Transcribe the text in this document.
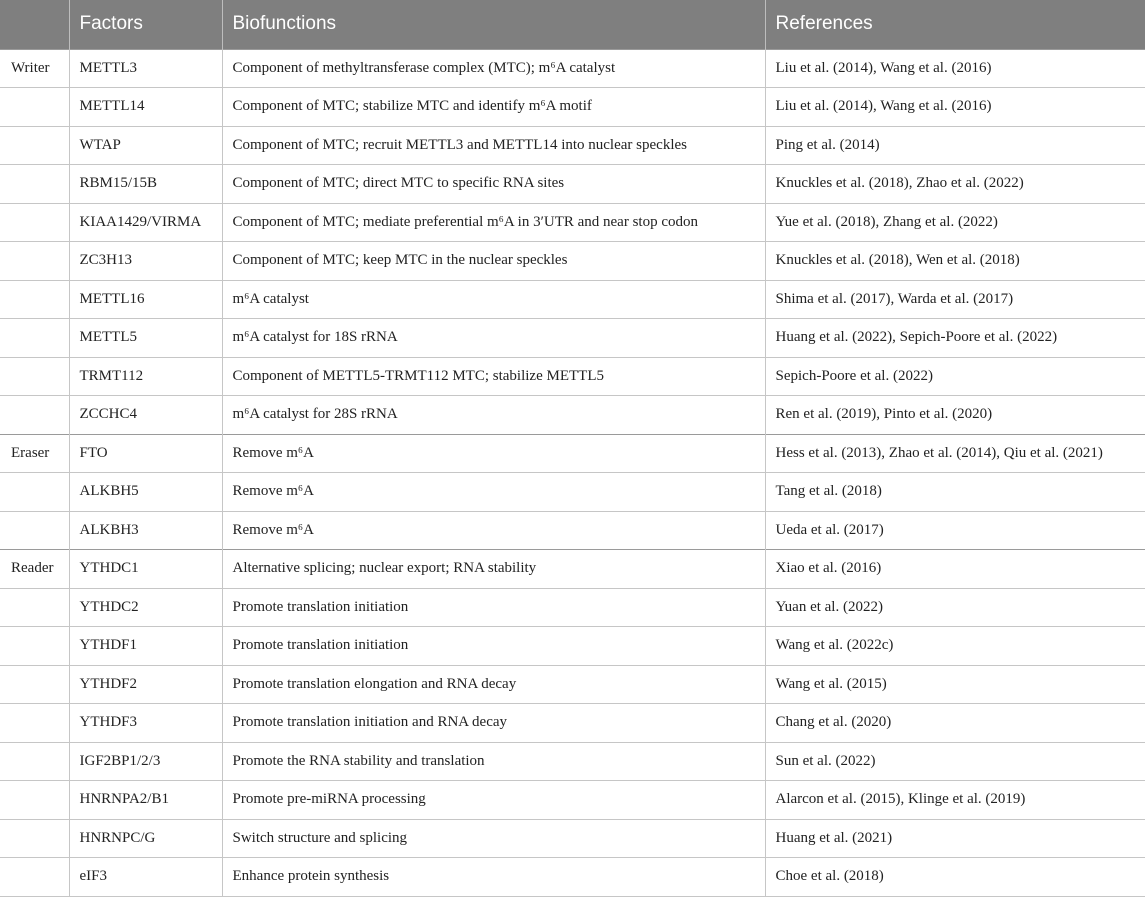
	Factors	Biofunctions	References
Writer	METTL3	Component of methyltransferase complex (MTC); m⁶A catalyst	Liu et al. (2014), Wang et al. (2016)
	METTL14	Component of MTC; stabilize MTC and identify m⁶A motif	Liu et al. (2014), Wang et al. (2016)
	WTAP	Component of MTC; recruit METTL3 and METTL14 into nuclear speckles	Ping et al. (2014)
	RBM15/15B	Component of MTC; direct MTC to specific RNA sites	Knuckles et al. (2018), Zhao et al. (2022)
	KIAA1429/VIRMA	Component of MTC; mediate preferential m⁶A in 3′UTR and near stop codon	Yue et al. (2018), Zhang et al. (2022)
	ZC3H13	Component of MTC; keep MTC in the nuclear speckles	Knuckles et al. (2018), Wen et al. (2018)
	METTL16	m⁶A catalyst	Shima et al. (2017), Warda et al. (2017)
	METTL5	m⁶A catalyst for 18S rRNA	Huang et al. (2022), Sepich-Poore et al. (2022)
	TRMT112	Component of METTL5-TRMT112 MTC; stabilize METTL5	Sepich-Poore et al. (2022)
	ZCCHC4	m⁶A catalyst for 28S rRNA	Ren et al. (2019), Pinto et al. (2020)
Eraser	FTO	Remove m⁶A	Hess et al. (2013), Zhao et al. (2014), Qiu et al. (2021)
	ALKBH5	Remove m⁶A	Tang et al. (2018)
	ALKBH3	Remove m⁶A	Ueda et al. (2017)
Reader	YTHDC1	Alternative splicing; nuclear export; RNA stability	Xiao et al. (2016)
	YTHDC2	Promote translation initiation	Yuan et al. (2022)
	YTHDF1	Promote translation initiation	Wang et al. (2022c)
	YTHDF2	Promote translation elongation and RNA decay	Wang et al. (2015)
	YTHDF3	Promote translation initiation and RNA decay	Chang et al. (2020)
	IGF2BP1/2/3	Promote the RNA stability and translation	Sun et al. (2022)
	HNRNPA2/B1	Promote pre-miRNA processing	Alarcon et al. (2015), Klinge et al. (2019)
	HNRNPC/G	Switch structure and splicing	Huang et al. (2021)
	eIF3	Enhance protein synthesis	Choe et al. (2018)
